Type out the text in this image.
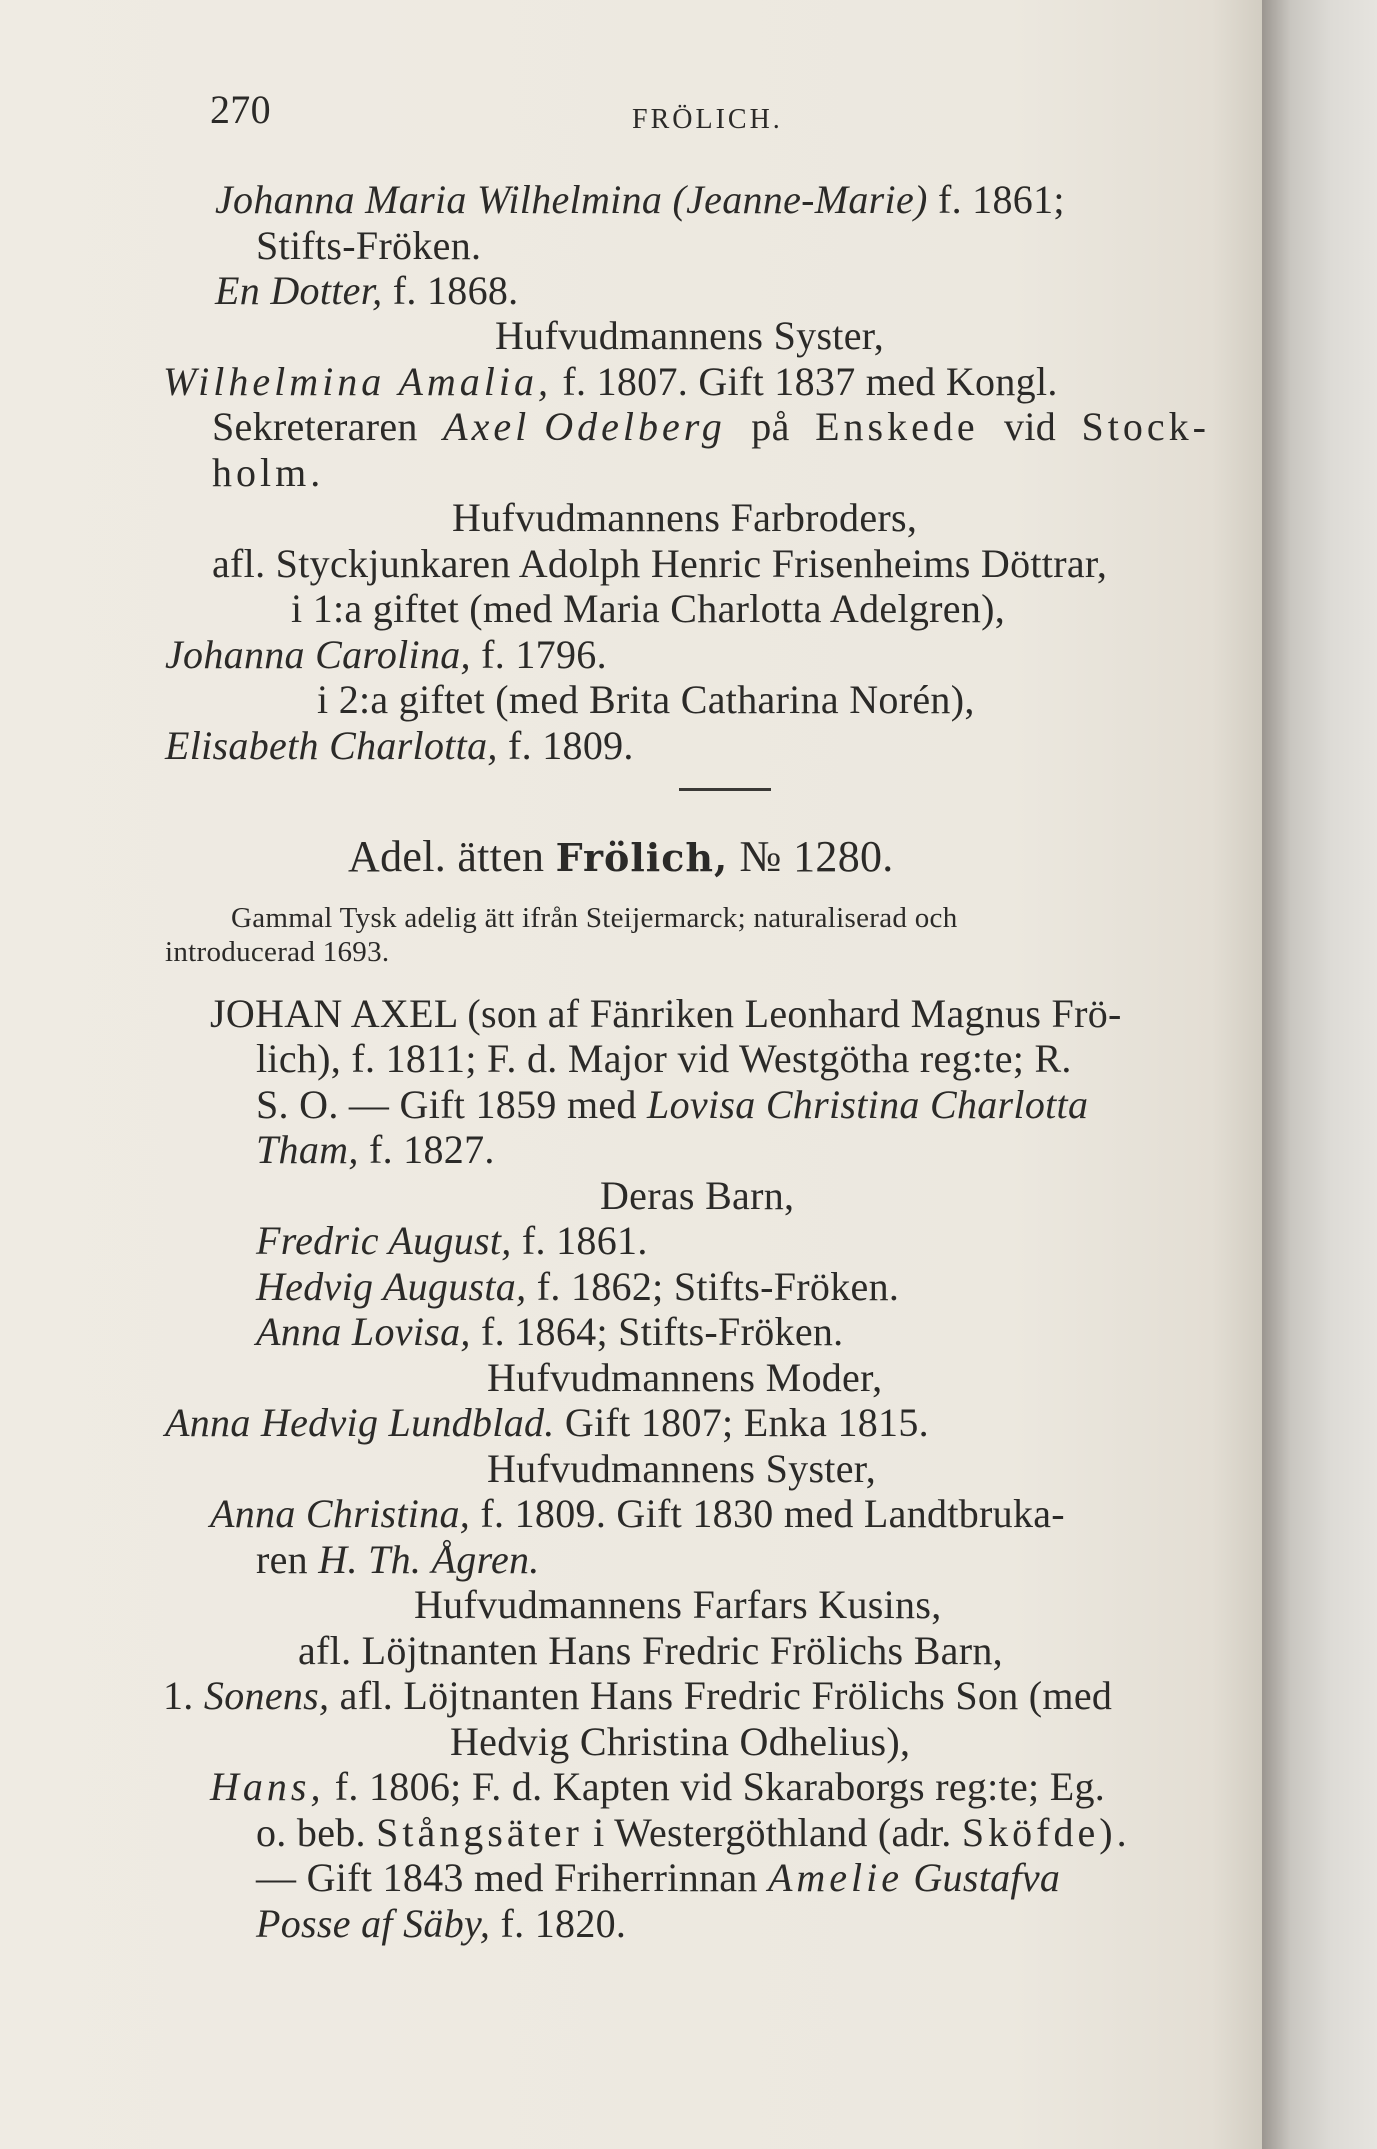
270	FRÖLICH.
Johanna Maria Wilhelmina (Jeanne-Marie) f. 1861;
Stifts-Fröken.
En Dotter, f. 1868.
Hufvudmannens Syster,
Wilhelmina Amalia, f. 1807. Gift 1837 med Kongl.
Sekreteraren Axel Odelberg på Enskede vid Stock-
holm.
Hufvudmannens Farbroders,
afl. Styckjunkaren Adolph Henric Frisenheims Döttrar,
i 1:a giftet (med Maria Charlotta Adelgren),
Johanna Carolina, f. 1796.
i 2:a giftet (med Brita Catharina Norén),
Elisabeth Charlotta, f. 1809.
Adel. ätten Frölich, № 1280.
Gammal Tysk adelig ätt ifrån Steijermarck; naturaliserad och
introducerad 1693.
JOHAN AXEL (son af Fänriken Leonhard Magnus Frö-
lich), f. 1811; F. d. Major vid Westgötha reg:te; R.
S. O. — Gift 1859 med Lovisa Christina Charlotta
Tham, f. 1827.
Deras Barn,
Fredric August, f. 1861.
Hedvig Augusta, f. 1862; Stifts-Fröken.
Anna Lovisa, f. 1864; Stifts-Fröken.
Hufvudmannens Moder,
Anna Hedvig Lundblad. Gift 1807; Enka 1815.
Hufvudmannens Syster,
Anna Christina, f. 1809. Gift 1830 med Landtbruka-
ren H. Th. Ågren.
Hufvudmannens Farfars Kusins,
afl. Löjtnanten Hans Fredric Frölichs Barn,
1. Sonens, afl. Löjtnanten Hans Fredric Frölichs Son (med
Hedvig Christina Odhelius),
Hans, f. 1806; F. d. Kapten vid Skaraborgs reg:te; Eg.
o. beb. Stångsäter i Westergöthland (adr. Sköfde).
— Gift 1843 med Friherrinnan Amelie Gustafva
Posse af Säby, f. 1820.
